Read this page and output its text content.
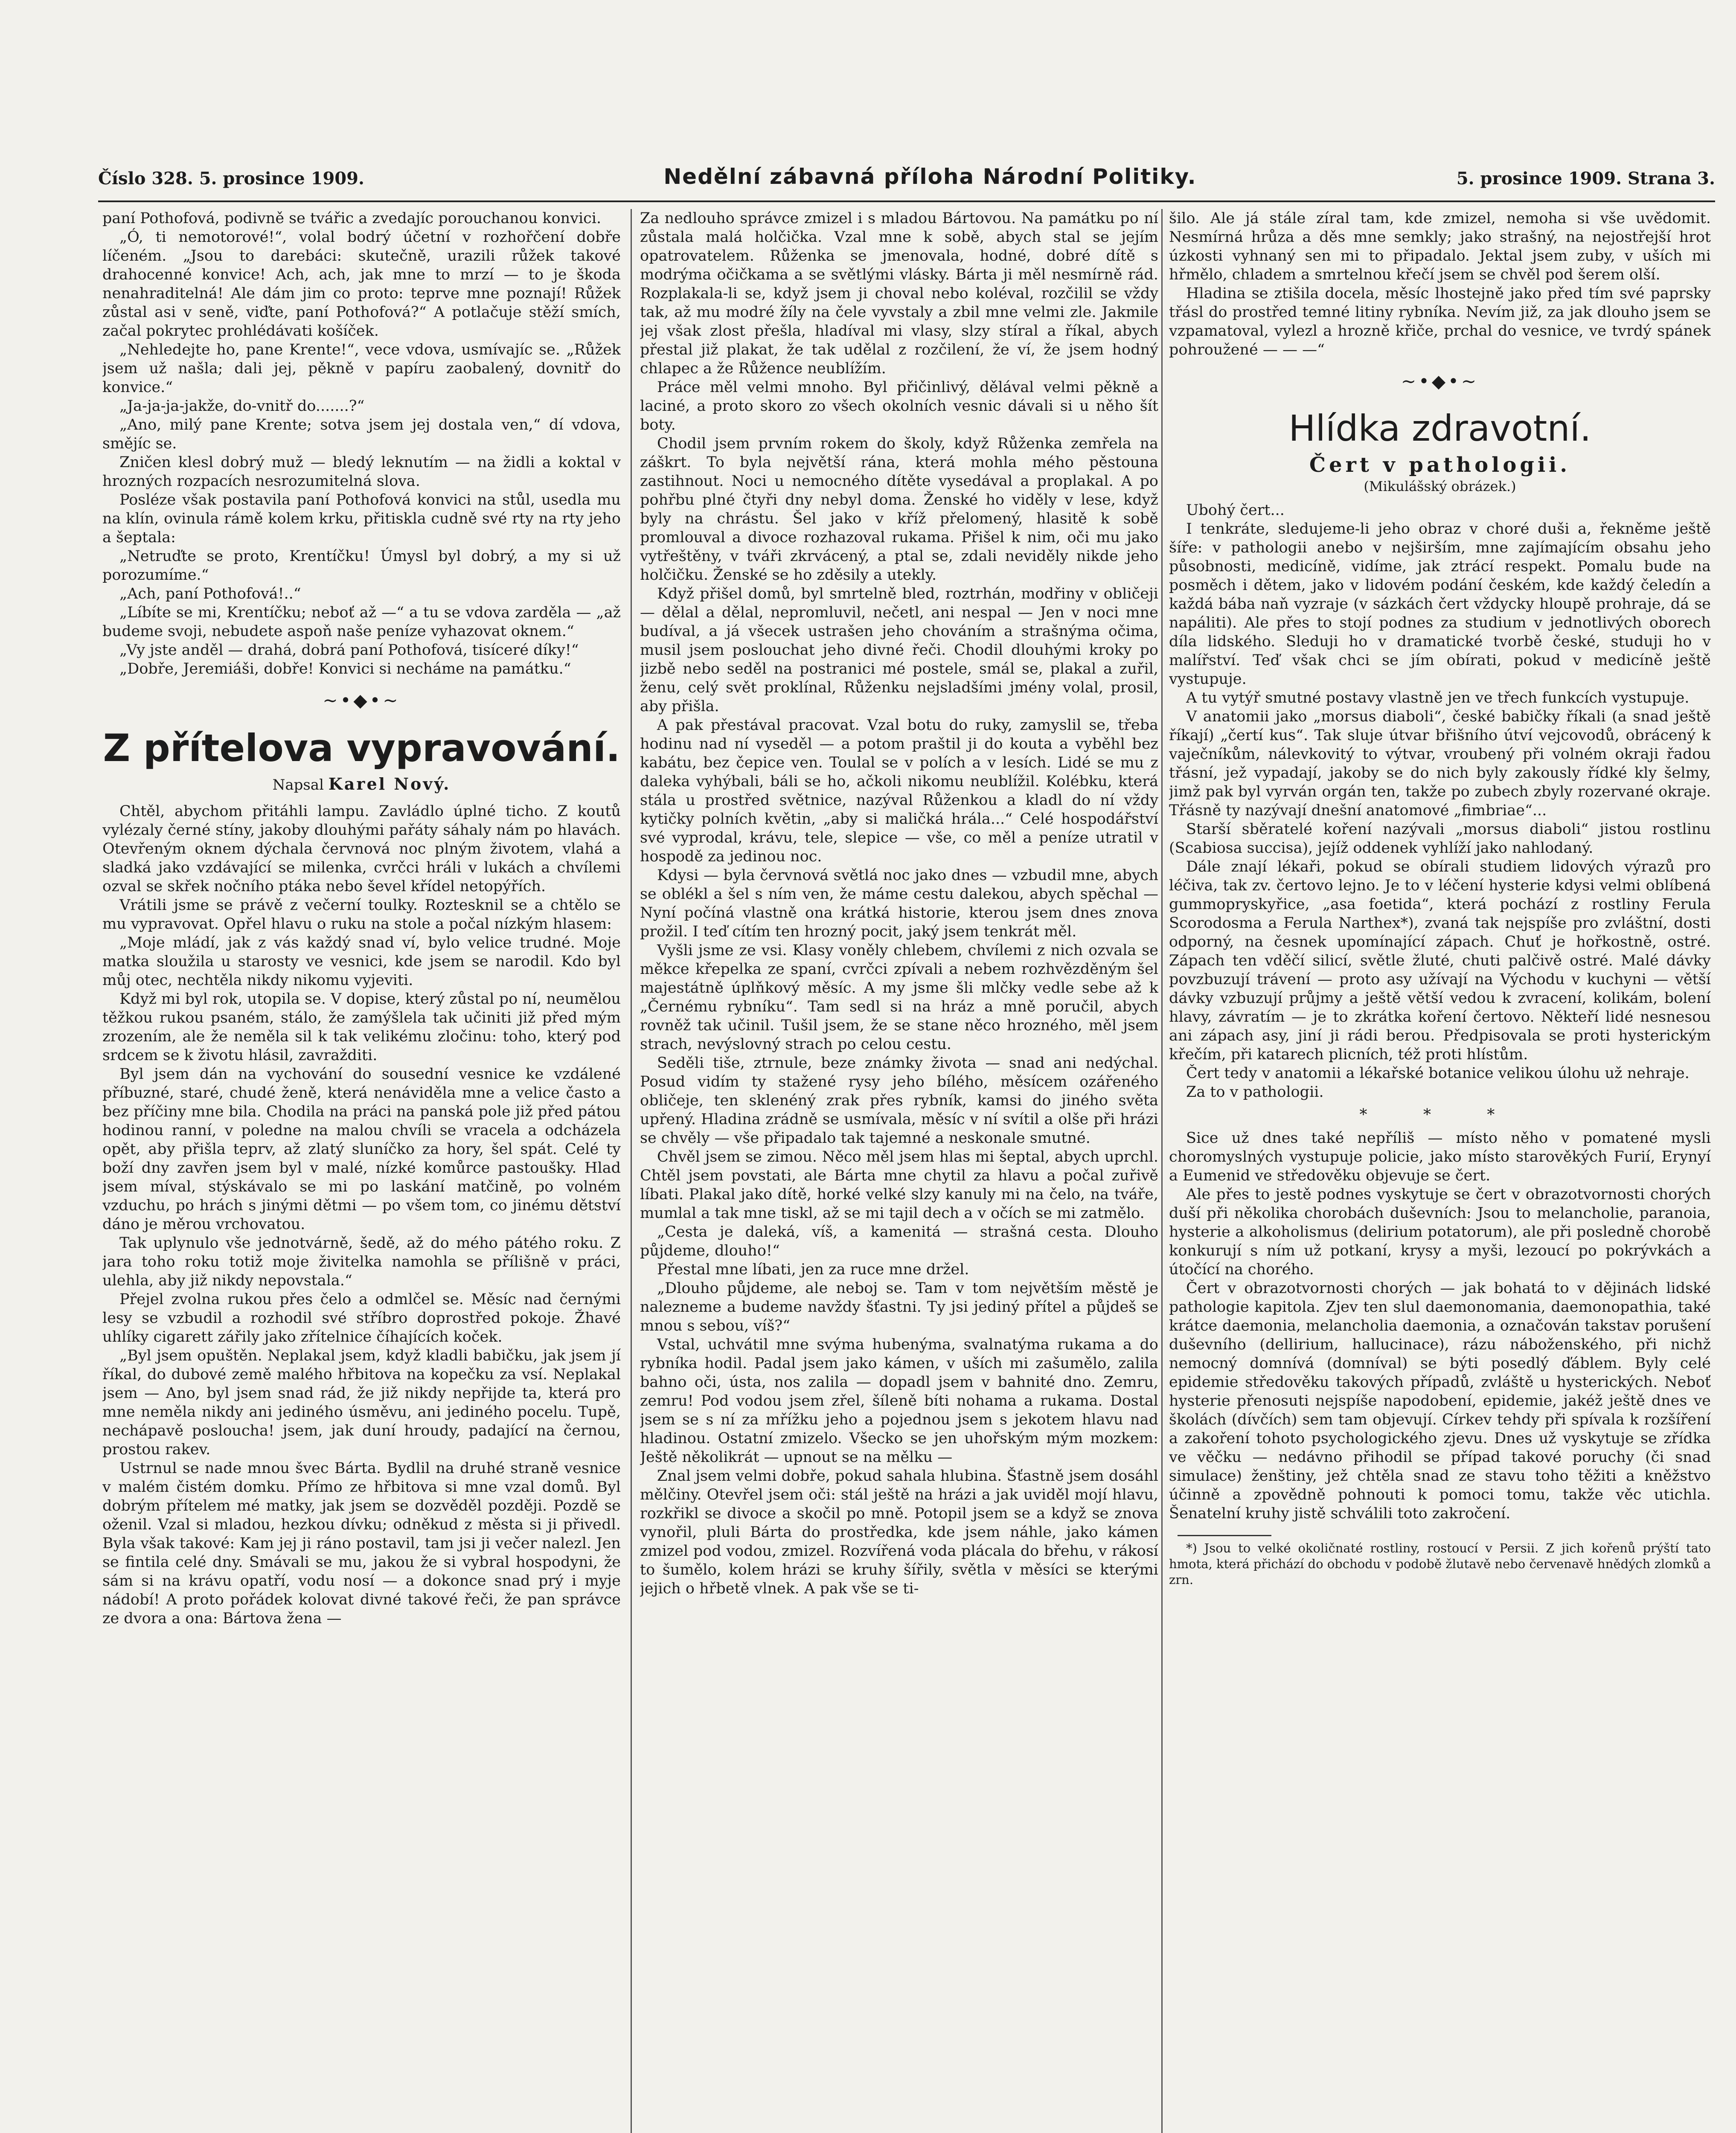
Číslo 328. 5. prosince 1909.	Nedělní zábavná příloha Národní Politiky.	5. prosince 1909. Strana 3.

paní Pothofová, podivně se tvářic a zvedajíc porouchanou konvici.

„Ó, ti nemotorové!“, volal bodrý účetní v rozhořčení dobře líčeném. „Jsou to darebáci: skutečně, urazili růžek takové drahocenné konvice! Ach, ach, jak mne to mrzí — to je škoda nenahraditelná! Ale dám jim co proto: teprve mne poznají! Růžek zůstal asi v seně, viďte, paní Pothofová?“ A potlačuje stěží smích, začal pokrytec prohlédávati košíček.

„Nehledejte ho, pane Krente!“, vece vdova, usmívajíc se. „Růžek jsem už našla; dali jej, pěkně v papíru zaobalený, dovnitř do konvice.“

„Ja-ja-ja-jakže, do-vnitř do.......?“

„Ano, milý pane Krente; sotva jsem jej dostala ven,“ dí vdova, smějíc se.

Zničen klesl dobrý muž — bledý leknutím — na židli a koktal v hrozných rozpacích nesrozumitelná slova.

Posléze však postavila paní Pothofová konvici na stůl, usedla mu na klín, ovinula rámě kolem krku, přitiskla cudně své rty na rty jeho a šeptala:

„Netruďte se proto, Krentíčku! Úmysl byl dobrý, a my si už porozumíme.“

„Ach, paní Pothofová!..“

„Líbíte se mi, Krentíčku; neboť až —“ a tu se vdova zarděla — „až budeme svoji, nebudete aspoň naše peníze vyhazovat oknem.“

„Vy jste anděl — drahá, dobrá paní Pothofová, tisíceré díky!“

„Dobře, Jeremiáši, dobře! Konvici si necháme na památku.“

~•◆•~
Z přítelova vypravování.
Napsal Karel Nový.

Chtěl, abychom přitáhli lampu. Zavládlo úplné ticho. Z koutů vylézaly černé stíny, jakoby dlouhými pařáty sáhaly nám po hlavách. Otevřeným oknem dýchala červnová noc plným životem, vlahá a sladká jako vzdávající se milenka, cvrčci hráli v lukách a chvílemi ozval se skřek nočního ptáka nebo ševel křídel netopýřích.

Vrátili jsme se právě z večerní toulky. Roztesknil se a chtělo se mu vypravovat. Opřel hlavu o ruku na stole a počal nízkým hlasem:

„Moje mládí, jak z vás každý snad ví, bylo velice trudné. Moje matka sloužila u starosty ve vesnici, kde jsem se narodil. Kdo byl můj otec, nechtěla nikdy nikomu vyjeviti.

Když mi byl rok, utopila se. V dopise, který zůstal po ní, neumělou těžkou rukou psaném, stálo, že zamýšlela tak učiniti již před mým zrozením, ale že neměla sil k tak velikému zločinu: toho, který pod srdcem se k životu hlásil, zavražditi.

Byl jsem dán na vychování do sousední vesnice ke vzdálené příbuzné, staré, chudé ženě, která nenáviděla mne a velice často a bez příčiny mne bila. Chodila na práci na panská pole již před pátou hodinou ranní, v poledne na malou chvíli se vracela a odcházela opět, aby přišla teprv, až zlatý sluníčko za hory, šel spát. Celé ty boží dny zavřen jsem byl v malé, nízké komůrce pastoušky. Hlad jsem míval, stýskávalo se mi po laskání matčině, po volném vzduchu, po hrách s jinými dětmi — po všem tom, co jinému dětství dáno je měrou vrchovatou.

Tak uplynulo vše jednotvárně, šedě, až do mého pátého roku. Z jara toho roku totiž moje živitelka namohla se přílišně v práci, ulehla, aby již nikdy nepovstala.“

Přejel zvolna rukou přes čelo a odmlčel se. Měsíc nad černými lesy se vzbudil a rozhodil své stříbro doprostřed pokoje. Žhavé uhlíky cigarett zářily jako zřítelnice číhajících koček.

„Byl jsem opuštěn. Neplakal jsem, když kladli babičku, jak jsem jí říkal, do dubové země malého hřbitova na kopečku za vsí. Neplakal jsem — Ano, byl jsem snad rád, že již nikdy nepřijde ta, která pro mne neměla nikdy ani jediného úsměvu, ani jediného pocelu. Tupě, nechápavě posloucha! jsem, jak duní hroudy, padající na černou, prostou rakev.

Ustrnul se nade mnou švec Bárta. Bydlil na druhé straně vesnice v malém čistém domku. Přímo ze hřbitova si mne vzal domů. Byl dobrým přítelem mé matky, jak jsem se dozvěděl později. Pozdě se oženil. Vzal si mladou, hezkou dívku; odněkud z města si ji přivedl. Byla však takové: Kam jej ji ráno postavil, tam jsi ji večer nalezl. Jen se fintila celé dny. Smávali se mu, jakou že si vybral hospodyni, že sám si na krávu opatří, vodu nosí — a dokonce snad prý i myje nádobí! A proto pořádek kolovat divné takové řeči, že pan správce ze dvora a ona: Bártova žena —

Za nedlouho správce zmizel i s mladou Bártovou. Na památku po ní zůstala malá holčička. Vzal mne k sobě, abych stal se jejím opatrovatelem. Růženka se jmenovala, hodné, dobré dítě s modrýma očičkama a se světlými vlásky. Bárta ji měl nesmírně rád. Rozplakala-li se, když jsem ji choval nebo koléval, rozčilil se vždy tak, až mu modré žíly na čele vyvstaly a zbil mne velmi zle. Jakmile jej však zlost přešla, hladíval mi vlasy, slzy stíral a říkal, abych přestal již plakat, že tak udělal z rozčilení, že ví, že jsem hodný chlapec a že Růžence neublížím.

Práce měl velmi mnoho. Byl přičinlivý, dělával velmi pěkně a laciné, a proto skoro zo všech okolních vesnic dávali si u něho šít boty.

Chodil jsem prvním rokem do školy, když Růženka zemřela na záškrt. To byla největší rána, která mohla mého pěstouna zastihnout. Noci u nemocného dítěte vysedával a proplakal. A po pohřbu plné čtyři dny nebyl doma. Ženské ho viděly v lese, když byly na chrástu. Šel jako v kříž přelomený, hlasitě k sobě promlouval a divoce rozhazoval rukama. Přišel k nim, oči mu jako vytřeštěny, v tváři zkrvácený, a ptal se, zdali neviděly nikde jeho holčičku. Ženské se ho zděsily a utekly.

Když přišel domů, byl smrtelně bled, roztrhán, modřiny v obličeji — dělal a dělal, nepromluvil, nečetl, ani nespal — Jen v noci mne budíval, a já všecek ustrašen jeho chováním a strašnýma očima, musil jsem poslouchat jeho divné řeči. Chodil dlouhými kroky po jizbě nebo seděl na postranici mé postele, smál se, plakal a zuřil, ženu, celý svět proklínal, Růženku nejsladšími jmény volal, prosil, aby přišla.

A pak přestával pracovat. Vzal botu do ruky, zamyslil se, třeba hodinu nad ní vyseděl — a potom praštil ji do kouta a vyběhl bez kabátu, bez čepice ven. Toulal se v polích a v lesích. Lidé se mu z daleka vyhýbali, báli se ho, ačkoli nikomu neublížil. Kolébku, která stála u prostřed světnice, nazýval Růženkou a kladl do ní vždy kytičky polních květin, „aby si maličká hrála...“ Celé hospodářství své vyprodal, krávu, tele, slepice — vše, co měl a peníze utratil v hospodě za jedinou noc.

Kdysi — byla červnová světlá noc jako dnes — vzbudil mne, abych se oblékl a šel s ním ven, že máme cestu dalekou, abych spěchal — Nyní počíná vlastně ona krátká historie, kterou jsem dnes znova prožil. I teď cítím ten hrozný pocit, jaký jsem tenkrát měl.

Vyšli jsme ze vsi. Klasy voněly chlebem, chvílemi z nich ozvala se měkce křepelka ze spaní, cvrčci zpívali a nebem rozhvězděným šel majestátně úplňkový měsíc. A my jsme šli mlčky vedle sebe až k „Černému rybníku“. Tam sedl si na hráz a mně poručil, abych rovněž tak učinil. Tušil jsem, že se stane něco hrozného, měl jsem strach, nevýslovný strach po celou cestu.

Seděli tiše, ztrnule, beze známky života — snad ani nedýchal. Posud vidím ty stažené rysy jeho bílého, měsícem ozářeného obličeje, ten sklenéný zrak přes rybník, kamsi do jiného světa upřený. Hladina zrádně se usmívala, měsíc v ní svítil a olše při hrázi se chvěly — vše připadalo tak tajemné a neskonale smutné.

Chvěl jsem se zimou. Něco měl jsem hlas mi šeptal, abych uprchl. Chtěl jsem povstati, ale Bárta mne chytil za hlavu a počal zuřivě líbati. Plakal jako dítě, horké velké slzy kanuly mi na čelo, na tváře, mumlal a tak mne tiskl, až se mi tajil dech a v očích se mi zatmělo.

„Cesta je daleká, víš, a kamenitá — strašná cesta. Dlouho půjdeme, dlouho!“

Přestal mne líbati, jen za ruce mne držel.

„Dlouho půjdeme, ale neboj se. Tam v tom největším městě je nalezneme a budeme navždy šťastni. Ty jsi jediný přítel a půjdeš se mnou s sebou, víš?“

Vstal, uchvátil mne svýma hubenýma, svalnatýma rukama a do rybníka hodil. Padal jsem jako kámen, v uších mi zašumělo, zalila bahno oči, ústa, nos zalila — dopadl jsem v bahnité dno. Zemru, zemru! Pod vodou jsem zřel, šíleně bíti nohama a rukama. Dostal jsem se s ní za mřížku jeho a pojednou jsem s jekotem hlavu nad hladinou. Ostatní zmizelo. Všecko se jen uhořským mým mozkem: Ještě několikrát — upnout se na mělku —

Znal jsem velmi dobře, pokud sahala hlubina. Šťastně jsem dosáhl mělčiny. Otevřel jsem oči: stál ještě na hrázi a jak uviděl mojí hlavu, rozkřikl se divoce a skočil po mně. Potopil jsem se a když se znova vynořil, pluli Bárta do prostředka, kde jsem náhle, jako kámen zmizel pod vodou, zmizel. Rozvířená voda plácala do břehu, v rákosí to šumělo, kolem hrázi se kruhy šířily, světla v měsíci se kterými jejich o hřbetě vlnek. A pak vše se ti-

šilo. Ale já stále zíral tam, kde zmizel, nemoha si vše uvědomit. Nesmírná hrůza a děs mne semkly; jako strašný, na nejostřejší hrot úzkosti vyhnaný sen mi to připadalo. Jektal jsem zuby, v uších mi hřmělo, chladem a smrtelnou křečí jsem se chvěl pod šerem olší.

Hladina se ztišila docela, měsíc lhostejně jako před tím své paprsky třásl do prostřed temné litiny rybníka. Nevím již, za jak dlouho jsem se vzpamatoval, vylezl a hrozně křiče, prchal do vesnice, ve tvrdý spánek pohroužené — — —“

~•◆•~
Hlídka zdravotní.
Čert v pathologii.
(Mikulášský obrázek.)

Ubohý čert...

I tenkráte, sledujeme-li jeho obraz v choré duši a, řekněme ještě šíře: v pathologii anebo v nejširším, mne zajímajícím obsahu jeho působnosti, medicíně, vidíme, jak ztrácí respekt. Pomalu bude na posměch i dětem, jako v lidovém podání českém, kde každý čeledín a každá bába naň vyzraje (v sázkách čert vždycky hloupě prohraje, dá se napáliti). Ale přes to stojí podnes za studium v jednotlivých oborech díla lidského. Sleduji ho v dramatické tvorbě české, studuji ho v malířství. Teď však chci se jím obírati, pokud v medicíně ještě vystupuje.

A tu vytýř smutné postavy vlastně jen ve třech funkcích vystupuje.

V anatomii jako „morsus diaboli“, české babičky říkali (a snad ještě říkají) „čertí kus“. Tak sluje útvar břišního útví vejcovodů, obrácený k vaječníkům, nálevkovitý to výtvar, vroubený při volném okraji řadou třásní, jež vypadají, jakoby se do nich byly zakously řídké kly šelmy, jimž pak byl vyrván orgán ten, takže po zubech zbyly rozervané okraje. Třásně ty nazývají dnešní anatomové „fimbriae“...

Starší sběratelé koření nazývali „morsus diaboli“ jistou rostlinu (Scabiosa succisa), jejíž oddenek vyhlíží jako nahlodaný.

Dále znají lékaři, pokud se obírali studiem lidových výrazů pro léčiva, tak zv. čertovo lejno. Je to v léčení hysterie kdysi velmi oblíbená gummopryskyřice, „asa foetida“, která pochází z rostliny Ferula Scorodosma a Ferula Narthex*), zvaná tak nejspíše pro zvláštní, dosti odporný, na česnek upomínající zápach. Chuť je hořkostně, ostré. Zápach ten vděčí silicí, světle žluté, chuti palčivě ostré. Malé dávky povzbuzují trávení — proto asy užívají na Východu v kuchyni — větší dávky vzbuzují průjmy a ještě větší vedou k zvracení, kolikám, bolení hlavy, závratím — je to zkrátka koření čertovo. Někteří lidé nesnesou ani zápach asy, jiní ji rádi berou. Předpisovala se proti hysterickým křečím, při katarech plicních, též proti hlístům.

Čert tedy v anatomii a lékařské botanice velikou úlohu už nehraje.

Za to v pathologii.

* * *

Sice už dnes také nepříliš — místo něho v pomatené mysli choromyslných vystupuje policie, jako místo starověkých Furií, Erynyí a Eumenid ve středověku objevuje se čert.

Ale přes to jestě podnes vyskytuje se čert v obrazotvornosti chorých duší při několika chorobách duševních: Jsou to melancholie, paranoia, hysterie a alkoholismus (delirium potatorum), ale při posledně chorobě konkurují s ním už potkaní, krysy a myši, lezoucí po pokrývkách a útočící na chorého.

Čert v obrazotvornosti chorých — jak bohatá to v dějinách lidské pathologie kapitola. Zjev ten slul daemonomania, daemonopathia, také krátce daemonia, melancholia daemonia, a označován takstav porušení duševního (dellirium, hallucinace), rázu náboženského, při nichž nemocný domnívá (domníval) se býti posedlý ďáblem. Byly celé epidemie středověku takových případů, zvláště u hysterických. Neboť hysterie přenosuti nejspíše napodobení, epidemie, jakéž ještě dnes ve školách (dívčích) sem tam objevují. Církev tehdy při spívala k rozšíření a zakoření tohoto psychologického zjevu. Dnes už vyskytuje se zřídka ve věčku — nedávno přihodil se případ takové poruchy (či snad simulace) ženštiny, jež chtěla snad ze stavu toho těžiti a kněžstvo účinně a zpovědně pohnouti k pomoci tomu, takže věc utichla. Šenatelní kruhy jistě schválili toto zakročení.

*) Jsou to velké okoličnaté rostliny, rostoucí v Persii. Z jich kořenů prýští tato hmota, která přichází do obchodu v podobě žlutavě nebo červenavě hnědých zlomků a zrn.
